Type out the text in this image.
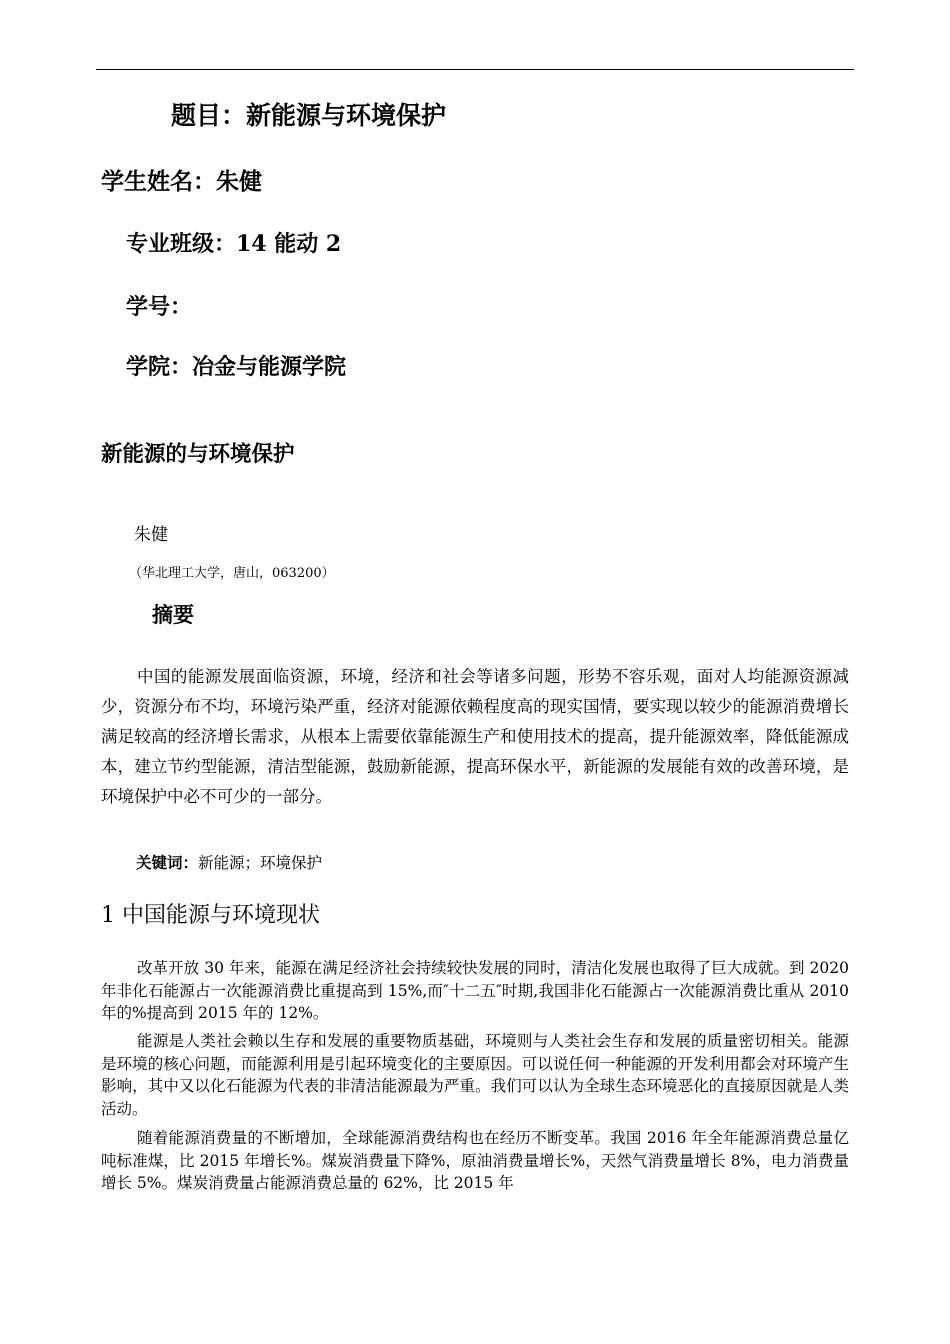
题目：新能源与环境保护
学生姓名：朱健
专业班级：14 能动 2
学号：
学院：冶金与能源学院
新能源的与环境保护
朱健
（华北理工大学，唐山，063200）
摘要
中国的能源发展面临资源，环境，经济和社会等诸多问题，形势不容乐观，面对人均能源资源减少，资源分布不均，环境污染严重，经济对能源依赖程度高的现实国情，要实现以较少的能源消费增长满足较高的经济增长需求，从根本上需要依靠能源生产和使用技术的提高，提升能源效率，降低能源成本，建立节约型能源，清洁型能源，鼓励新能源，提高环保水平，新能源的发展能有效的改善环境，是环境保护中必不可少的一部分。
关键词：新能源；环境保护
1 中国能源与环境现状
改革开放 30 年来，能源在满足经济社会持续较快发展的同时，清洁化发展也取得了巨大成就。到 2020 年非化石能源占一次能源消费比重提高到 15%,而″十二五″时期,我国非化石能源占一次能源消费比重从 2010 年的%提高到 2015 年的 12%。
能源是人类社会赖以生存和发展的重要物质基础，环境则与人类社会生存和发展的质量密切相关。能源是环境的核心问题，而能源利用是引起环境变化的主要原因。可以说任何一种能源的开发利用都会对环境产生影响，其中又以化石能源为代表的非清洁能源最为严重。我们可以认为全球生态环境恶化的直接原因就是人类活动。
随着能源消费量的不断增加，全球能源消费结构也在经历不断变革。我国 2016 年全年能源消费总量亿吨标准煤，比 2015 年增长%。煤炭消费量下降%，原油消费量增长%，天然气消费量增长 8%，电力消费量增长 5%。煤炭消费量占能源消费总量的 62%，比 2015 年
